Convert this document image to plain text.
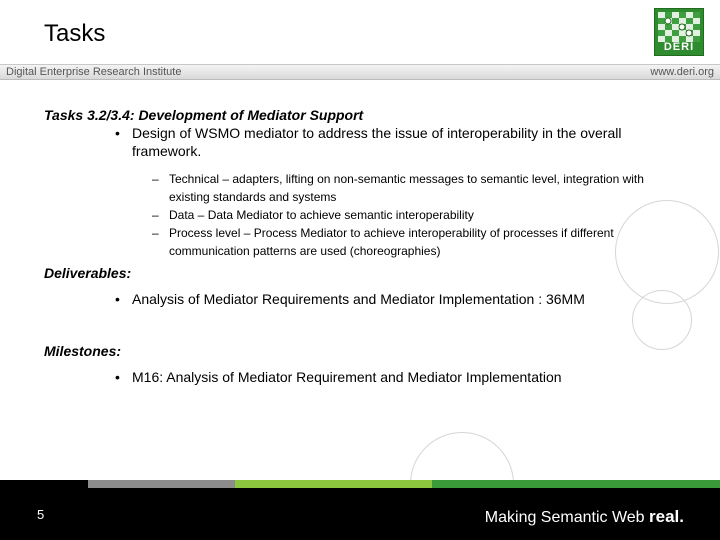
Tasks	DERI
Digital Enterprise Research Institute	www.deri.org
Tasks 3.2/3.4: Development of Mediator Support
• Design of WSMO mediator to address the issue of interoperability in the overall framework.
– Technical – adapters, lifting on non-semantic messages to semantic level, integration with existing standards and systems
– Data – Data Mediator to achieve semantic interoperability
– Process level – Process Mediator to achieve interoperability of processes if different communication patterns are used (choreographies)
Deliverables:
• Analysis of Mediator Requirements and Mediator Implementation : 36MM
Milestones:
• M16: Analysis of Mediator Requirement and Mediator Implementation
5	Making Semantic Web real.
